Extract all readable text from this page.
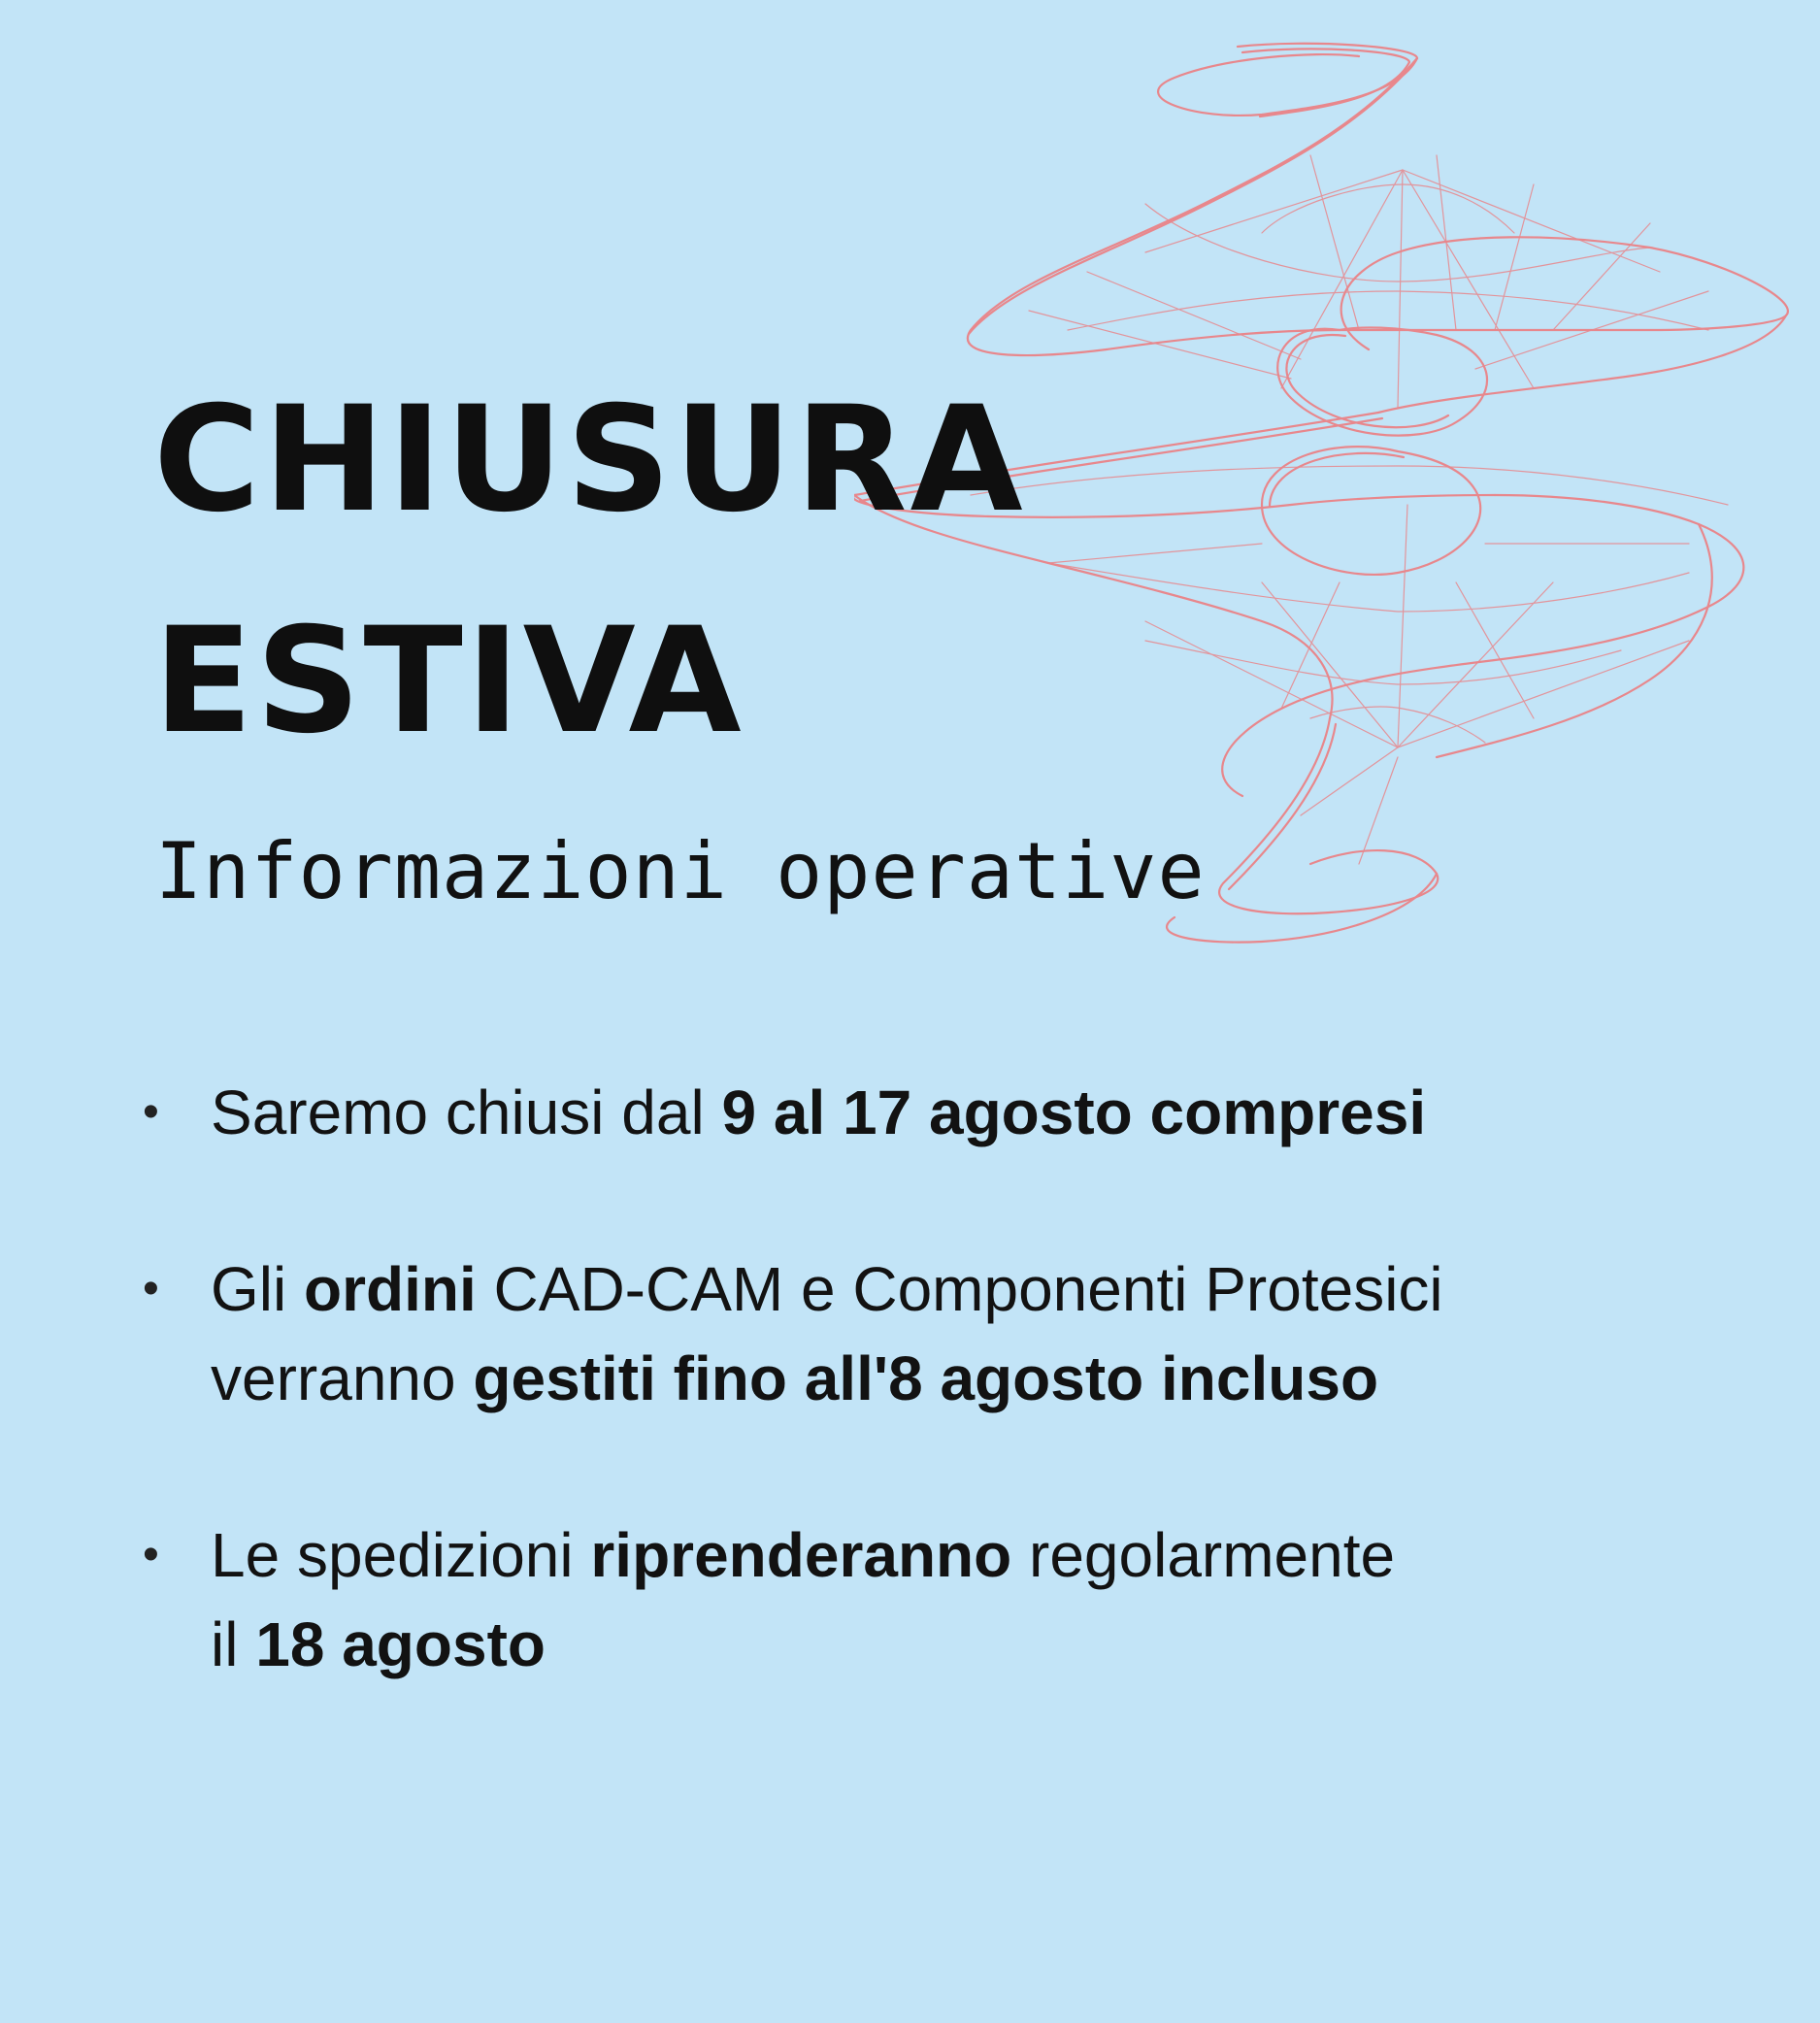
CHIUSURA
ESTIVA
Informazioni operative
• Saremo chiusi dal 9 al 17 agosto compresi
• Gli ordini CAD-CAM e Componenti Protesici
verranno gestiti fino all'8 agosto incluso
• Le spedizioni riprenderanno regolarmente
il 18 agosto
